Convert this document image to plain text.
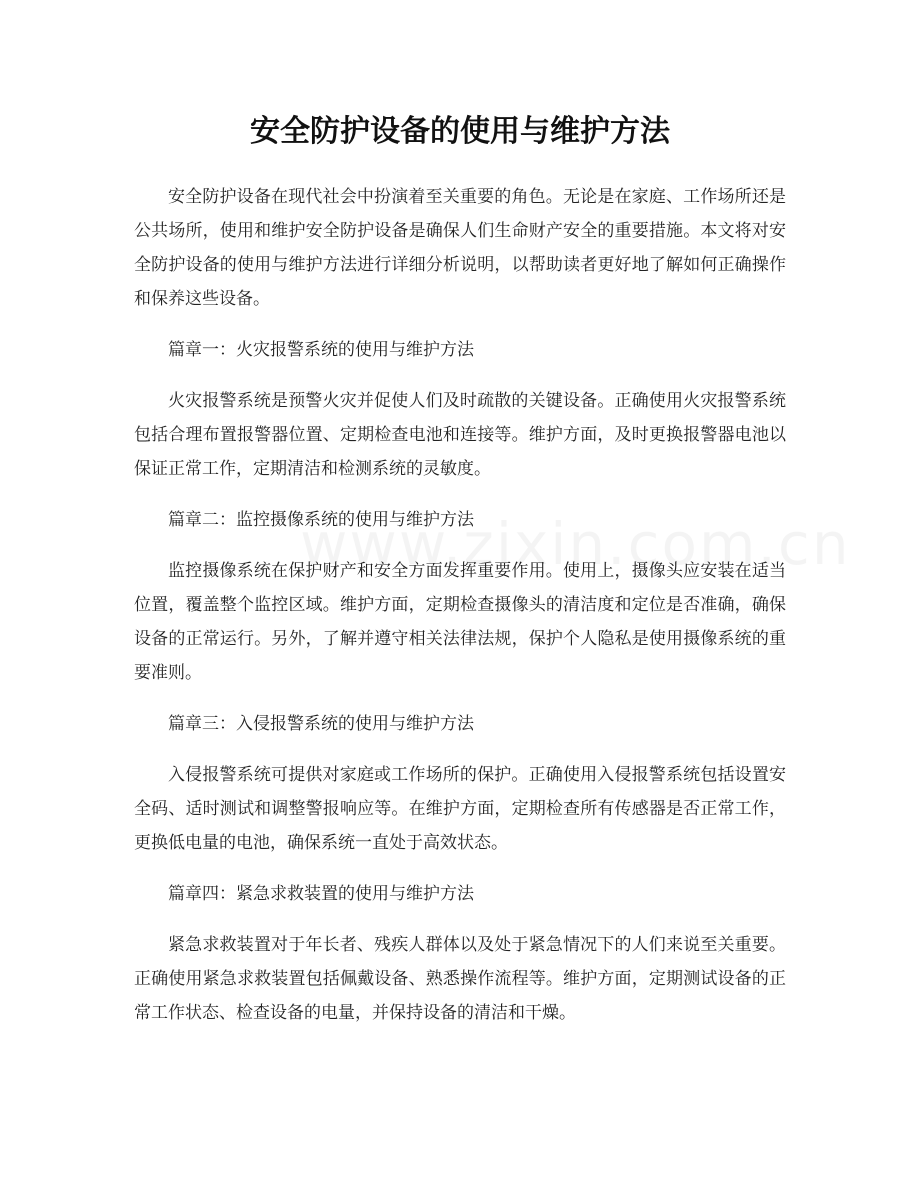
安全防护设备的使用与维护方法

安全防护设备在现代社会中扮演着至关重要的角色。无论是在家庭、工作场所还是公共场所，使用和维护安全防护设备是确保人们生命财产安全的重要措施。本文将对安全防护设备的使用与维护方法进行详细分析说明，以帮助读者更好地了解如何正确操作和保养这些设备。

篇章一：火灾报警系统的使用与维护方法

火灾报警系统是预警火灾并促使人们及时疏散的关键设备。正确使用火灾报警系统包括合理布置报警器位置、定期检查电池和连接等。维护方面，及时更换报警器电池以保证正常工作，定期清洁和检测系统的灵敏度。

篇章二：监控摄像系统的使用与维护方法

监控摄像系统在保护财产和安全方面发挥重要作用。使用上，摄像头应安装在适当位置，覆盖整个监控区域。维护方面，定期检查摄像头的清洁度和定位是否准确，确保设备的正常运行。另外，了解并遵守相关法律法规，保护个人隐私是使用摄像系统的重要准则。

篇章三：入侵报警系统的使用与维护方法

入侵报警系统可提供对家庭或工作场所的保护。正确使用入侵报警系统包括设置安全码、适时测试和调整警报响应等。在维护方面，定期检查所有传感器是否正常工作，更换低电量的电池，确保系统一直处于高效状态。

篇章四：紧急求救装置的使用与维护方法

紧急求救装置对于年长者、残疾人群体以及处于紧急情况下的人们来说至关重要。正确使用紧急求救装置包括佩戴设备、熟悉操作流程等。维护方面，定期测试设备的正常工作状态、检查设备的电量，并保持设备的清洁和干燥。
